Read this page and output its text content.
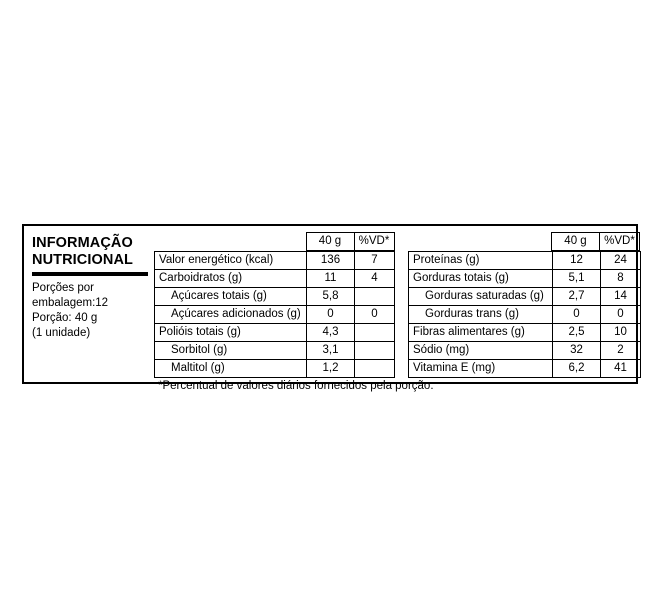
INFORMAÇÃO
NUTRICIONAL
Porções por
embalagem:12
Porção: 40 g
(1 unidade)
	40 g	%VD*
		40 g	%VD*
Valor energético (kcal)	136	7
Carboidratos (g)	11	4
Açúcares totais (g)	5,8	
Açúcares adicionados (g)	0	0
Polióis totais (g)	4,3	
Sorbitol (g)	3,1	
Maltitol (g)	1,2	
Proteínas (g)	12	24
Gorduras totais (g)	5,1	8
Gorduras saturadas (g)	2,7	14
Gorduras trans (g)	0	0
Fibras alimentares (g)	2,5	10
Sódio (mg)	32	2
Vitamina E (mg)	6,2	41
*Percentual de valores diários fornecidos pela porção.
